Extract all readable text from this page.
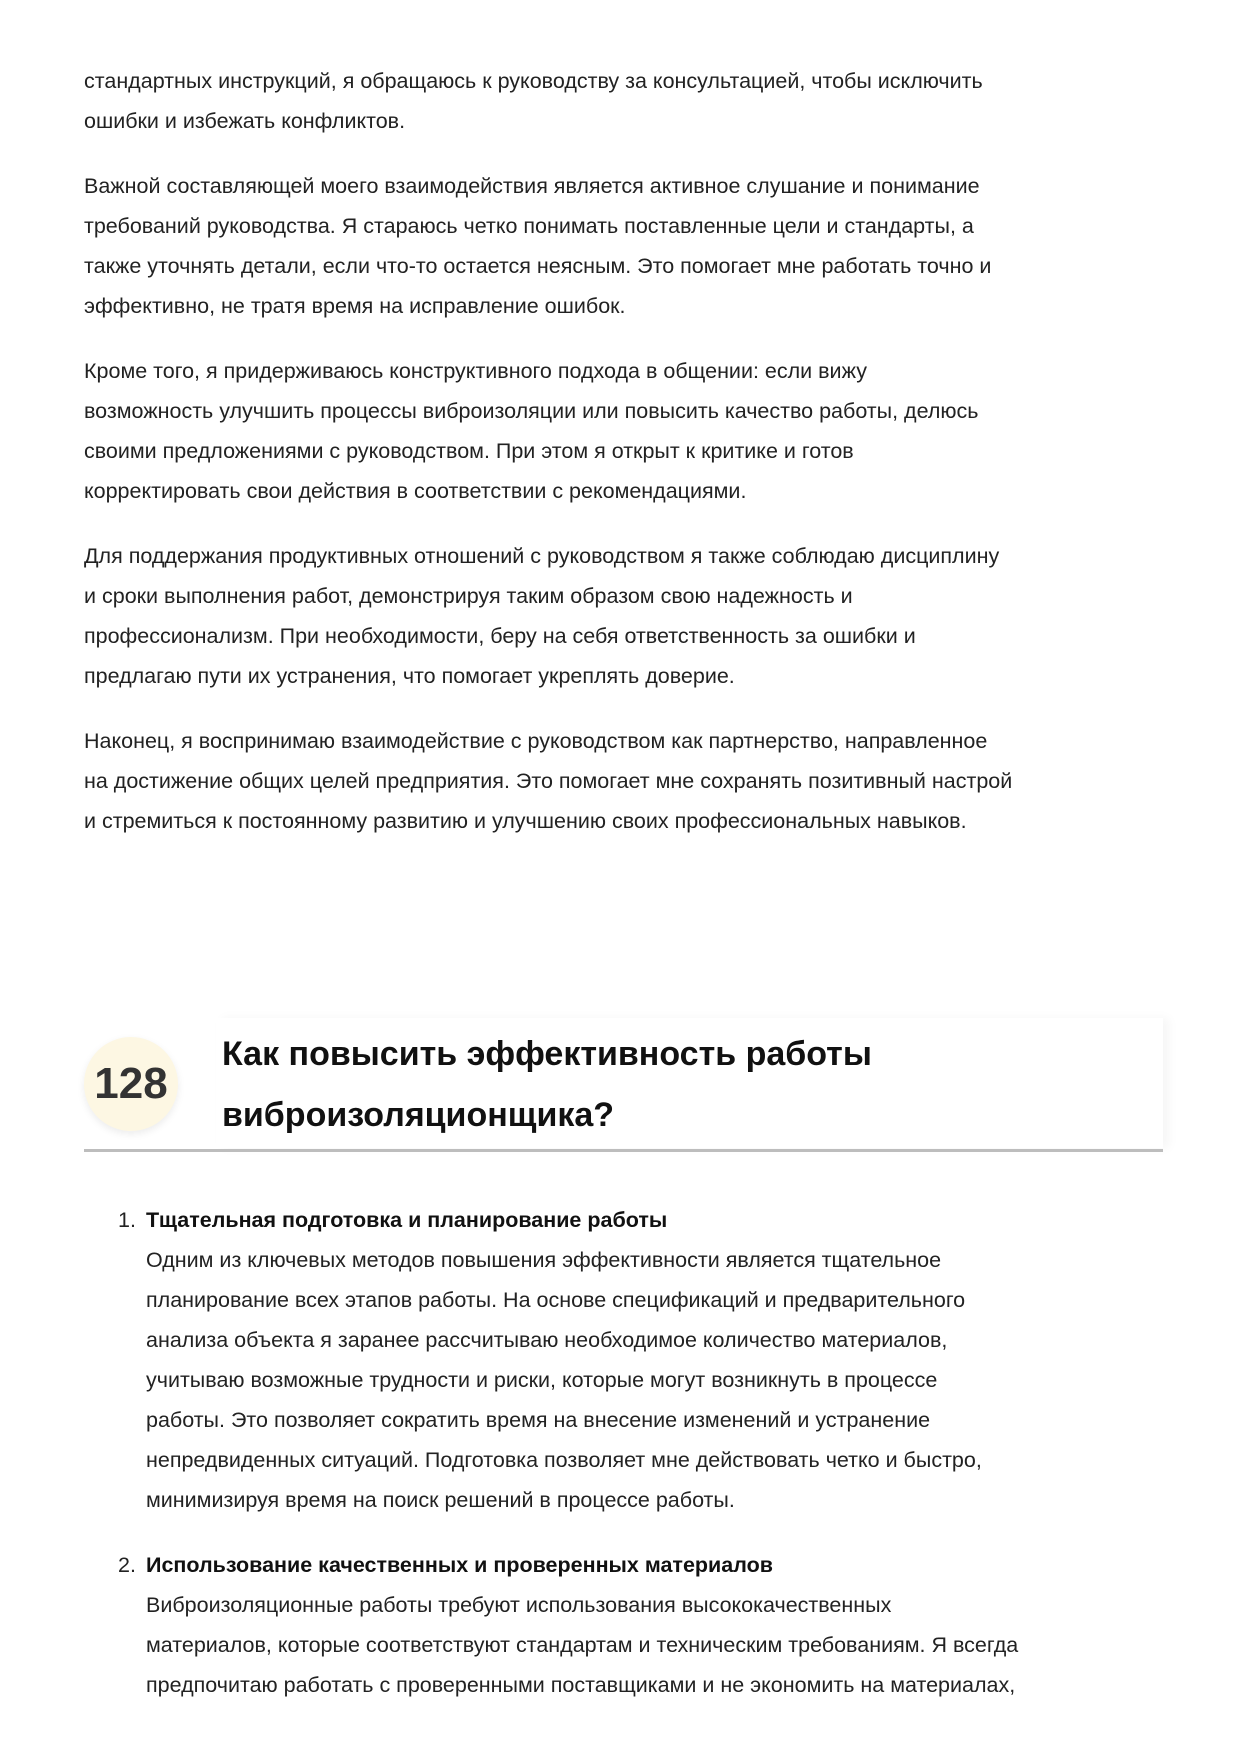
стандартных инструкций, я обращаюсь к руководству за консультацией, чтобы исключить
ошибки и избежать конфликтов.
Важной составляющей моего взаимодействия является активное слушание и понимание
требований руководства. Я стараюсь четко понимать поставленные цели и стандарты, а
также уточнять детали, если что-то остается неясным. Это помогает мне работать точно и
эффективно, не тратя время на исправление ошибок.
Кроме того, я придерживаюсь конструктивного подхода в общении: если вижу
возможность улучшить процессы виброизоляции или повысить качество работы, делюсь
своими предложениями с руководством. При этом я открыт к критике и готов
корректировать свои действия в соответствии с рекомендациями.
Для поддержания продуктивных отношений с руководством я также соблюдаю дисциплину
и сроки выполнения работ, демонстрируя таким образом свою надежность и
профессионализм. При необходимости, беру на себя ответственность за ошибки и
предлагаю пути их устранения, что помогает укреплять доверие.
Наконец, я воспринимаю взаимодействие с руководством как партнерство, направленное
на достижение общих целей предприятия. Это помогает мне сохранять позитивный настрой
и стремиться к постоянному развитию и улучшению своих профессиональных навыков.
128
Как повысить эффективность работы
виброизоляционщика?
1. Тщательная подготовка и планирование работы
Одним из ключевых методов повышения эффективности является тщательное
планирование всех этапов работы. На основе спецификаций и предварительного
анализа объекта я заранее рассчитываю необходимое количество материалов,
учитываю возможные трудности и риски, которые могут возникнуть в процессе
работы. Это позволяет сократить время на внесение изменений и устранение
непредвиденных ситуаций. Подготовка позволяет мне действовать четко и быстро,
минимизируя время на поиск решений в процессе работы.
2. Использование качественных и проверенных материалов
Виброизоляционные работы требуют использования высококачественных
материалов, которые соответствуют стандартам и техническим требованиям. Я всегда
предпочитаю работать с проверенными поставщиками и не экономить на материалах,
